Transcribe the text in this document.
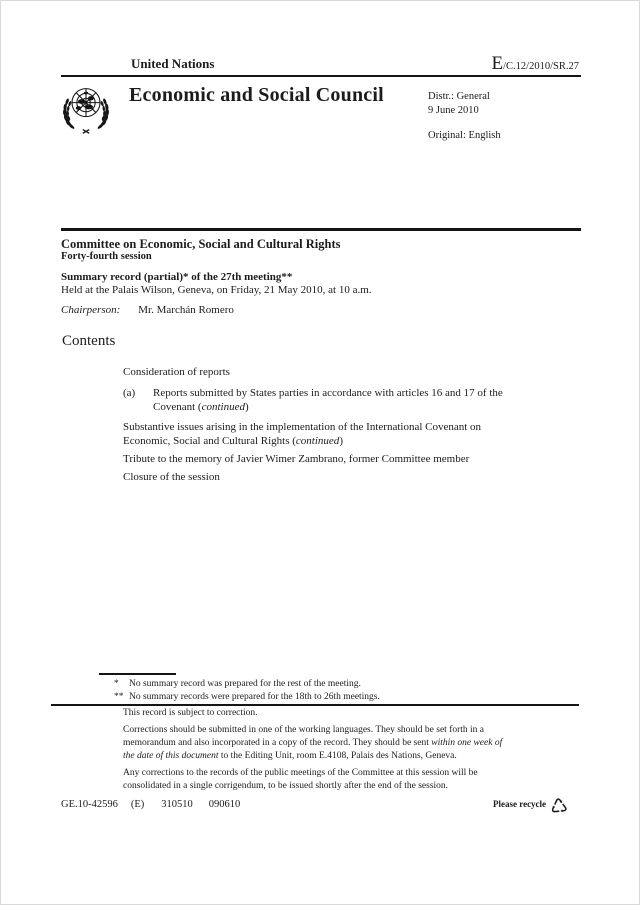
United Nations	E/C.12/2010/SR.27
Economic and Social Council	Distr.: General
9 June 2010
Original: English
Committee on Economic, Social and Cultural Rights
Forty-fourth session
Summary record (partial)* of the 27th meeting**
Held at the Palais Wilson, Geneva, on Friday, 21 May 2010, at 10 a.m.
Chairperson: Mr. Marchán Romero
Contents
Consideration of reports
(a) Reports submitted by States parties in accordance with articles 16 and 17 of the
Covenant (continued)
Substantive issues arising in the implementation of the International Covenant on
Economic, Social and Cultural Rights (continued)
Tribute to the memory of Javier Wimer Zambrano, former Committee member
Closure of the session
* No summary record was prepared for the rest of the meeting.
** No summary records were prepared for the 18th to 26th meetings.
This record is subject to correction.
Corrections should be submitted in one of the working languages. They should be set forth in a
memorandum and also incorporated in a copy of the record. They should be sent within one week of
the date of this document to the Editing Unit, room E.4108, Palais des Nations, Geneva.
Any corrections to the records of the public meetings of the Committee at this session will be
consolidated in a single corrigendum, to be issued shortly after the end of the session.
GE.10-42596 (E) 310510 090610	$^{Please recycle}$ ♺
